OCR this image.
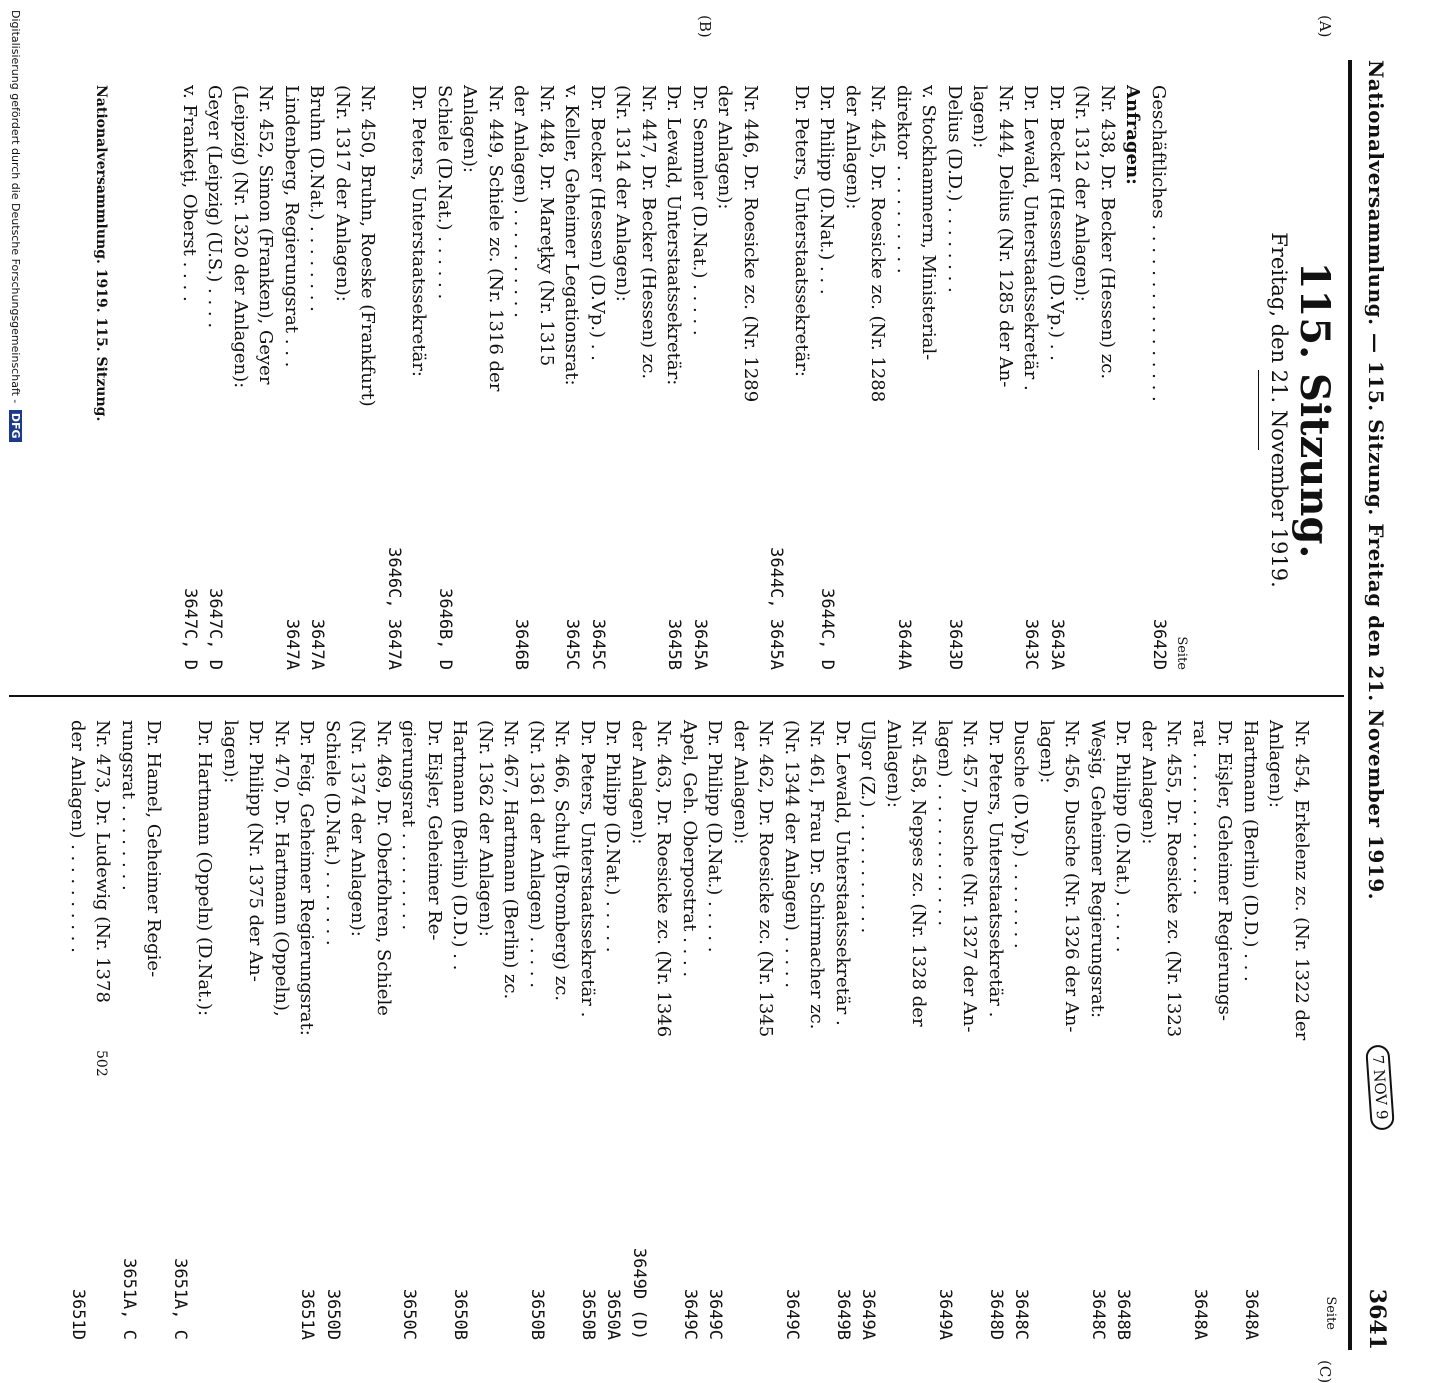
Nationalversammlung. — 115. Sitzung. Freitag den 21. November 1919.
7 NOV 9
3641
(A)
(B)
(C)
115. Sitzung.
Freitag, den 21. November 1919.
Seite
Geschäftliches . . . . . . . . . . . . . . . .
3642D
Anfragen:
Nr. 438, Dr. Becker (Hessen) zc.
(Nr. 1312 der Anlagen):
Dr. Becker (Hessen) (D.Vp.) . .
3643A
Dr. Lewald, Unterstaatssekretär .
3643C
Nr. 444, Delius (Nr. 1285 der An-
lagen):
Delius (D.D.) . . . . . . . .
3643D
v. Stockhammern, Ministerial-
direktor . . . . . . . . . .
3644A
Nr. 445, Dr. Roesicke zc. (Nr. 1288
der Anlagen):
Dr. Philipp (D.Nat.) . . .
3644C, D
Dr. Peters, Unterstaatssekretär:
3644C, 3645A
Nr. 446, Dr. Roesicke zc. (Nr. 1289
der Anlagen):
Dr. Semmler (D.Nat.) . . . . .
3645A
Dr. Lewald, Unterstaatssekretär:
3645B
Nr. 447, Dr. Becker (Hessen) zc.
(Nr. 1314 der Anlagen):
Dr. Becker (Hessen) (D.Vp.) . .
3645C
v. Keller, Geheimer Legationsrat:
3645C
Nr. 448, Dr. Mareţky (Nr. 1315
der Anlagen) . . . . . . . . . .
3646B
Nr. 449, Schiele zc. (Nr. 1316 der
Anlagen):
Schiele (D.Nat.) . . . . . .
3646B, D
Dr. Peters, Unterstaatssekretär:
3646C, 3647A
Nr. 450, Bruhn, Roeske (Frankfurt)
(Nr. 1317 der Anlagen):
Bruhn (D.Nat.) . . . . . . . .
3647A
Lindenberg, Regierungsrat . . .
3647A
Nr. 452, Simon (Franken), Geyer
(Leipzig) (Nr. 1320 der Anlagen):
Geyer (Leipzig) (U.S.) . . . .
3647C, D
v. Frankeţi, Oberst . . . .
3647C, D
Seite
Nr. 454, Erkelenz zc. (Nr. 1322 der
Anlagen):
Hartmann (Berlin) (D.D.) . . .
3648A
Dr. Eişler, Geheimer Regierungs-
rat . . . . . . . . . . . . .
3648A
Nr. 455, Dr. Roesicke zc. (Nr. 1323
der Anlagen):
Dr. Philipp (D.Nat.) . . . . .
3648B
Weşig, Geheimer Regierungsrat:
3648C
Nr. 456, Dusche (Nr. 1326 der An-
lagen):
Dusche (D.Vp.) . . . . . . . .
3648C
Dr. Peters, Unterstaatssekretär .
3648D
Nr. 457, Dusche (Nr. 1327 der An-
lagen) . . . . . . . . . . . . .
3649A
Nr. 458, Nepşes zc. (Nr. 1328 der
Anlagen):
Ulşor (Z.) . . . . . . . . . . .
3649A
Dr. Lewald, Unterstaatssekretär .
3649B
Nr. 461, Frau Dr. Schirmacher zc.
(Nr. 1344 der Anlagen) . . . . .
3649C
Nr. 462, Dr. Roesicke zc. (Nr. 1345
der Anlagen):
Dr. Philipp (D.Nat.) . . . . .
3649C
Apel, Geh. Oberpostrat . . . .
3649C
Nr. 463, Dr. Roesicke zc. (Nr. 1346
der Anlagen):
3649D (D)
Dr. Philipp (D.Nat.) . . . . .
3650A
Dr. Peters, Unterstaatssekretär .
3650B
Nr. 466, Schulţ (Bromberg) zc.
(Nr. 1361 der Anlagen) . . . . .
3650B
Nr. 467, Hartmann (Berlin) zc.
(Nr. 1362 der Anlagen):
Hartmann (Berlin) (D.D.) . .
3650B
Dr. Eişler, Geheimer Re-
gierungsrat . . . . . . . . .
3650C
Nr. 469, Dr. Oberfohren, Schiele
(Nr. 1374 der Anlagen):
Schiele (D.Nat.) . . . . . . .
3650D
Dr. Feig, Geheimer Regierungsrat:
3651A
Nr. 470, Dr. Hartmann (Oppeln),
Dr. Philipp (Nr. 1375 der An-
lagen):
Dr. Hartmann (Oppeln) (D.Nat.):
3651A, C
Dr. Hamel, Geheimer Regie-
rungsrat . . . . . . . .
3651A, C
Nr. 473, Dr. Ludewig (Nr. 1378
der Anlagen) . . . . . . . . . .
3651D
Nationalversammlung. 1919. 115. Sitzung.
502
Digitalisierung gefördert durch die Deutsche Forschungsgemeinschaft - DFG
